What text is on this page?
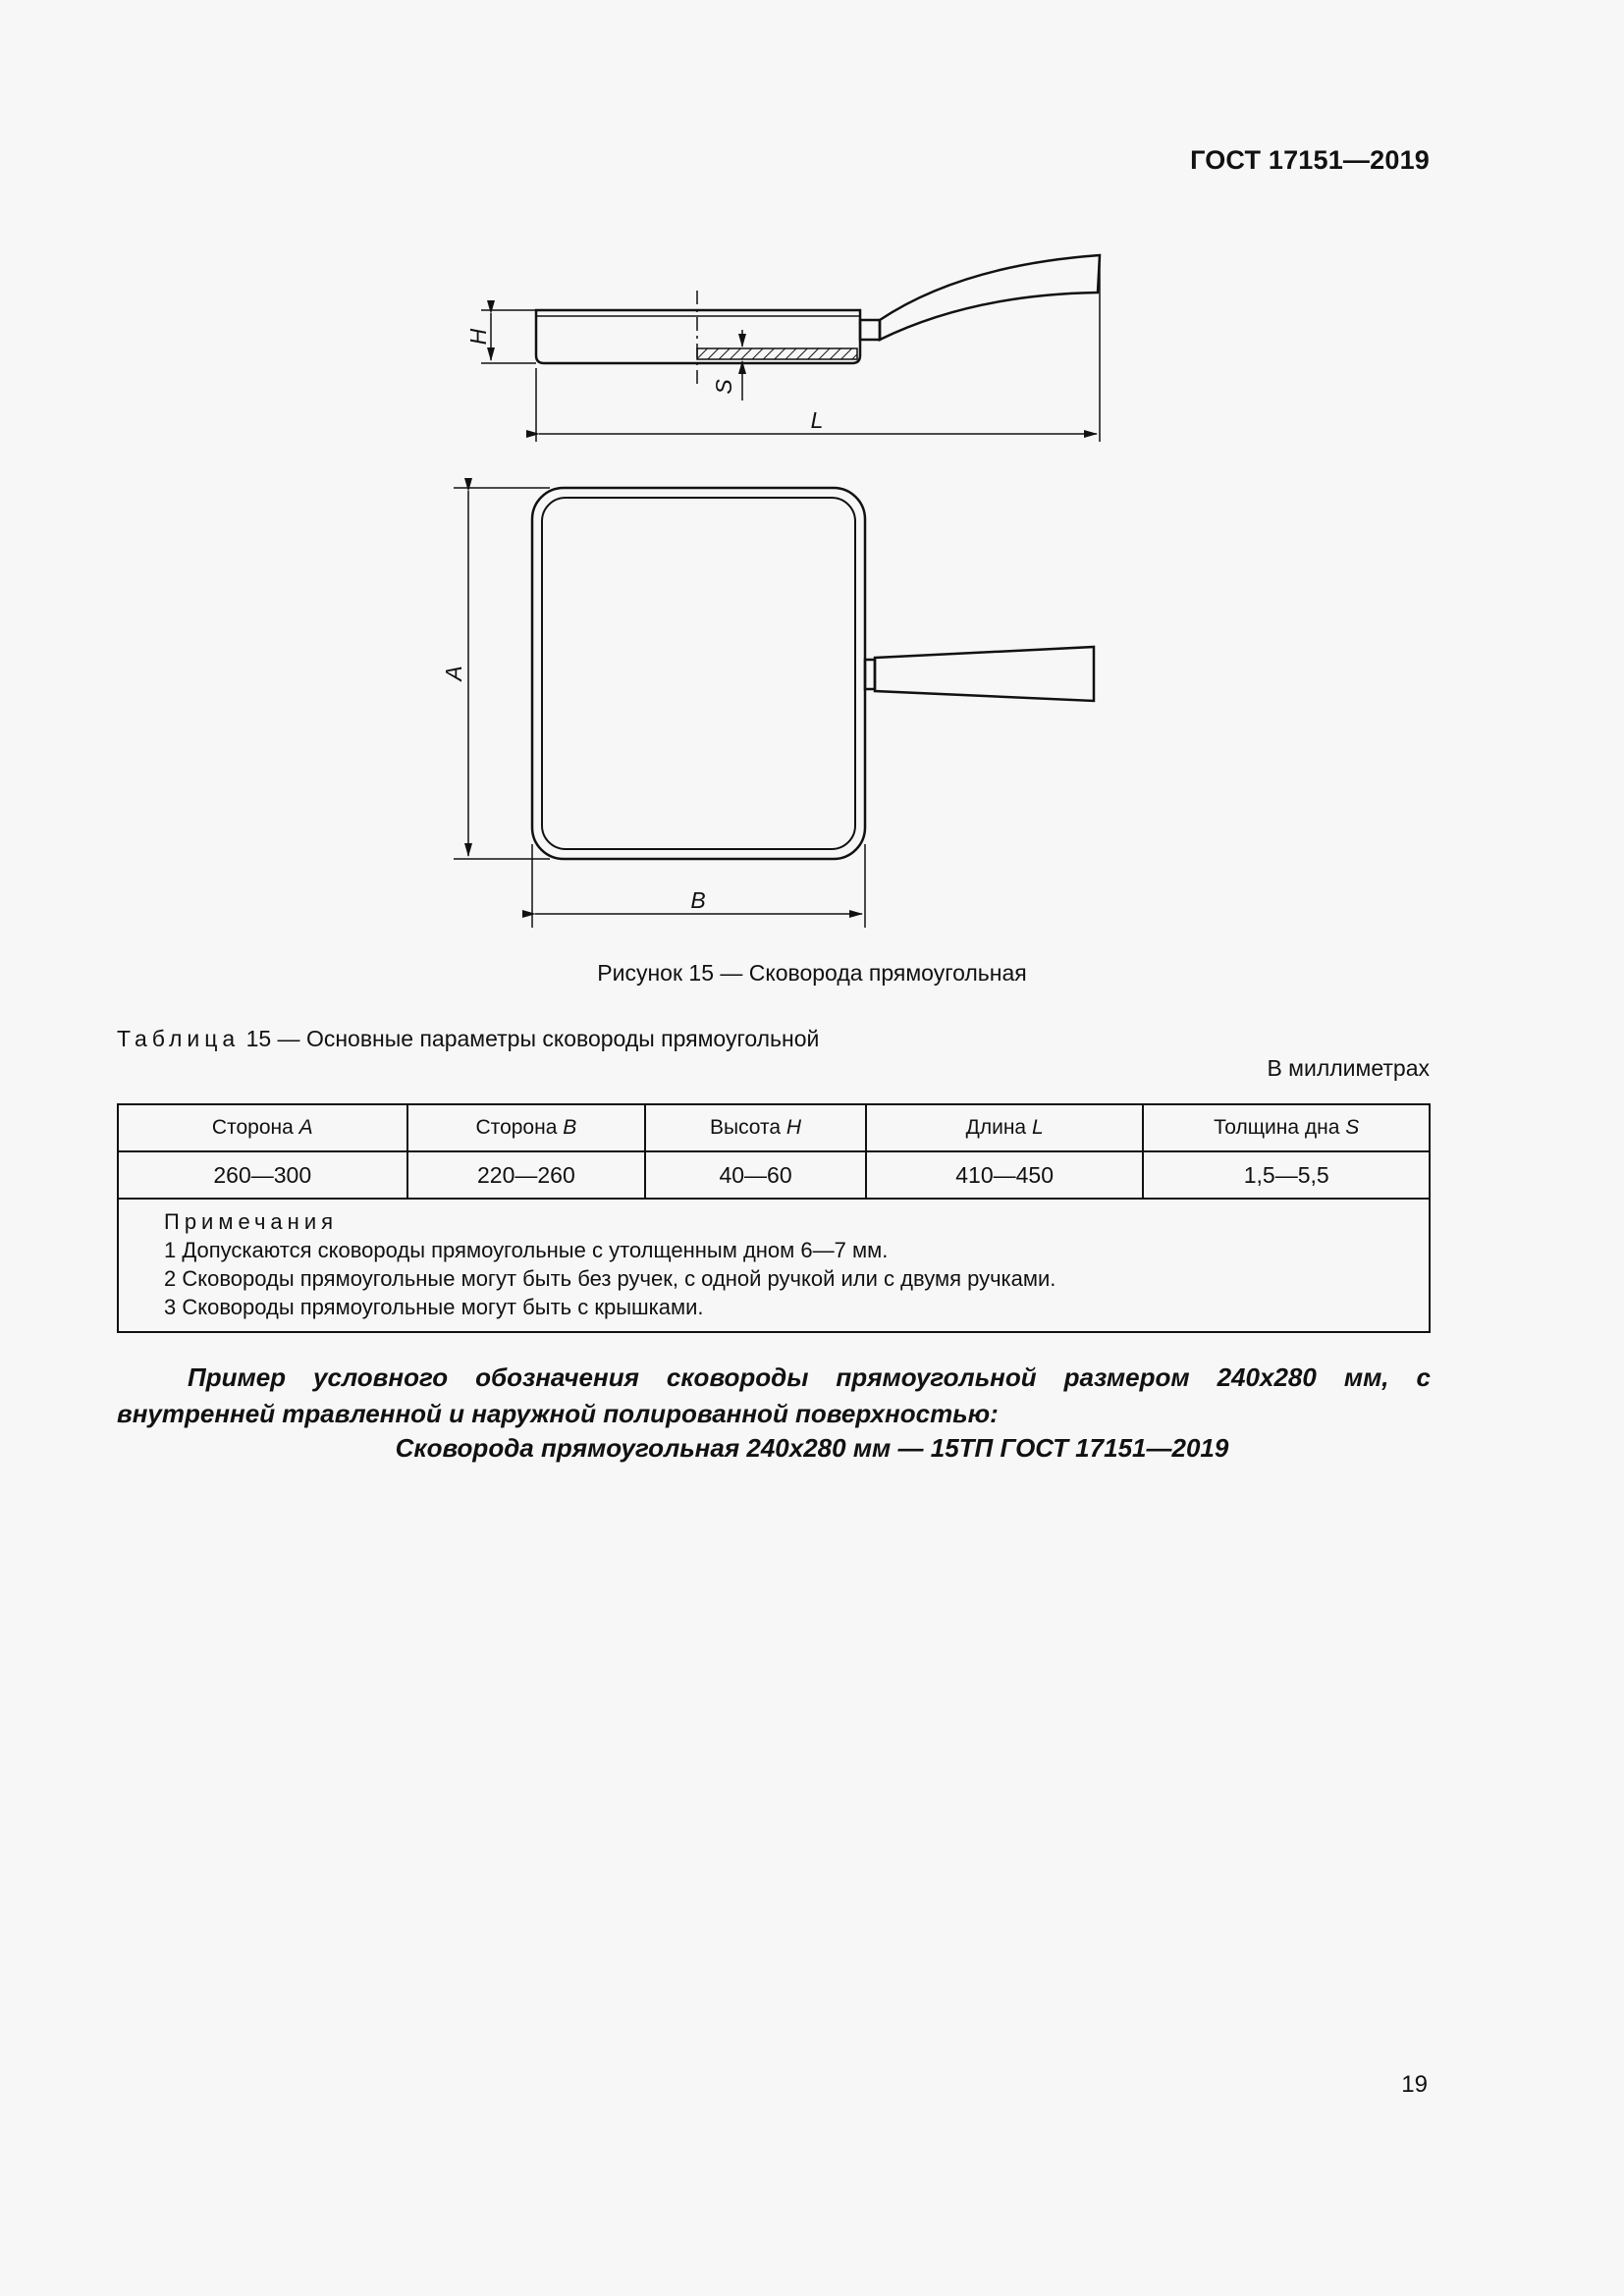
ГОСТ 17151—2019
H
S
L
A
B
Рисунок 15 — Сковорода прямоугольная
Таблица 15 — Основные параметры сковороды прямоугольной
В миллиметрах
Сторона A	Сторона B	Высота H	Длина L	Толщина дна S
260—300	220—260	40—60	410—450	1,5—5,5

Примечания
1 Допускаются сковороды прямоугольные с утолщенным дном 6—7 мм.
2 Сковороды прямоугольные могут быть без ручек, с одной ручкой или с двумя ручками.
3 Сковороды прямоугольные могут быть с крышками.				
Пример условного обозначения сковороды прямоугольной размером 240x280 мм, с внутренней травленной и наружной полированной поверхностью:
Сковорода прямоугольная 240x280 мм — 15ТП ГОСТ 17151—2019
19
